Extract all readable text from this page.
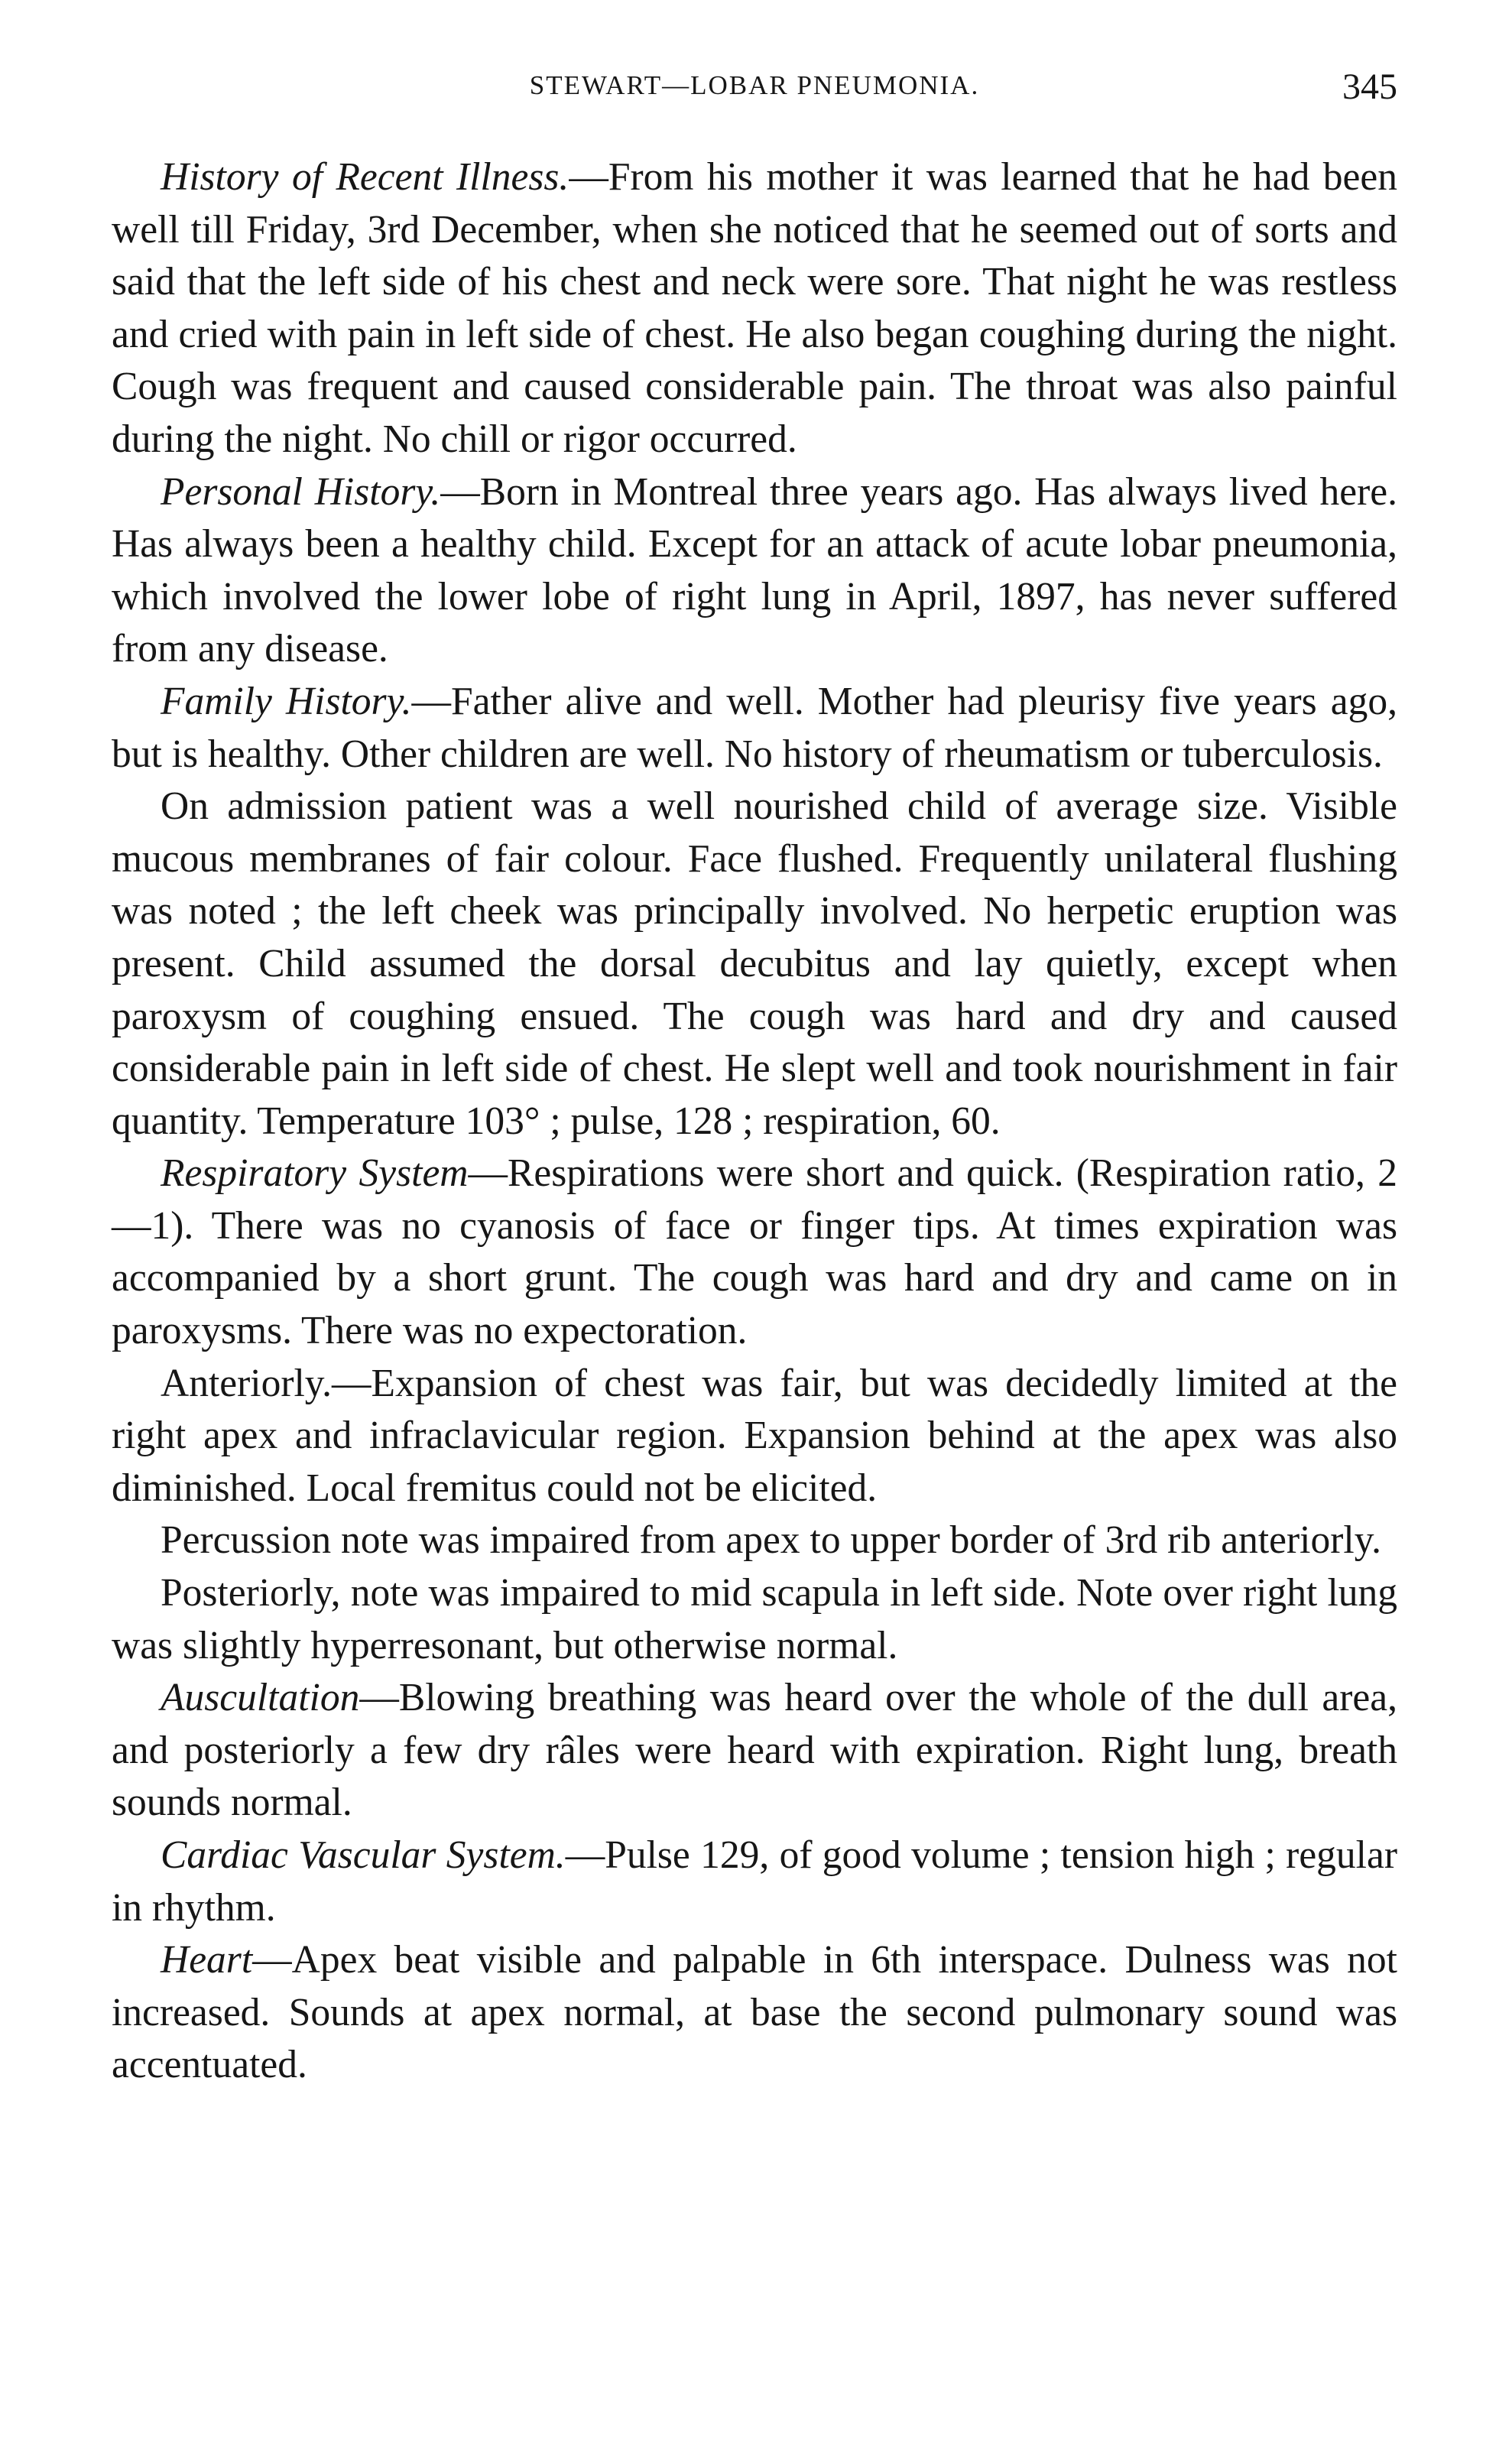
STEWART—LOBAR PNEUMONIA.	345

History of Recent Illness.—From his mother it was learned that he had been well till Friday, 3rd December, when she noticed that he seemed out of sorts and said that the left side of his chest and neck were sore. That night he was restless and cried with pain in left side of chest. He also began coughing during the night. Cough was frequent and caused considerable pain. The throat was also painful during the night. No chill or rigor occurred.

Personal History.—Born in Montreal three years ago. Has always lived here. Has always been a healthy child. Except for an attack of acute lobar pneumonia, which involved the lower lobe of right lung in April, 1897, has never suffered from any disease.

Family History.—Father alive and well. Mother had pleurisy five years ago, but is healthy. Other children are well. No history of rheumatism or tuberculosis.

On admission patient was a well nourished child of average size. Visible mucous membranes of fair colour. Face flushed. Frequently unilateral flushing was noted ; the left cheek was principally involved. No herpetic eruption was present. Child assumed the dorsal decubitus and lay quietly, except when paroxysm of coughing ensued. The cough was hard and dry and caused considerable pain in left side of chest. He slept well and took nourishment in fair quantity. Temperature 103° ; pulse, 128 ; respiration, 60.

Respiratory System—Respirations were short and quick. (Respiration ratio, 2—1). There was no cyanosis of face or finger tips. At times expiration was accompanied by a short grunt. The cough was hard and dry and came on in paroxysms. There was no expectoration.

Anteriorly.—Expansion of chest was fair, but was decidedly limited at the right apex and infraclavicular region. Expansion behind at the apex was also diminished. Local fremitus could not be elicited.

Percussion note was impaired from apex to upper border of 3rd rib anteriorly.

Posteriorly, note was impaired to mid scapula in left side. Note over right lung was slightly hyperresonant, but otherwise normal.

Auscultation—Blowing breathing was heard over the whole of the dull area, and posteriorly a few dry râles were heard with expiration. Right lung, breath sounds normal.

Cardiac Vascular System.—Pulse 129, of good volume ; tension high ; regular in rhythm.

Heart—Apex beat visible and palpable in 6th interspace. Dulness was not increased. Sounds at apex normal, at base the second pulmonary sound was accentuated.
